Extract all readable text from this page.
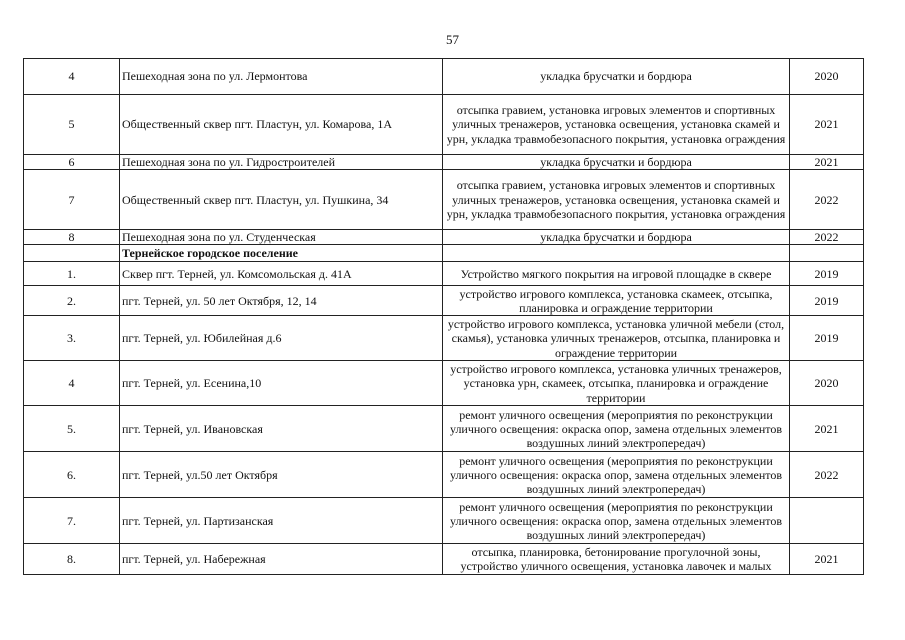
57
4	Пешеходная зона по ул. Лермонтова	укладка брусчатки и бордюра	2020
5	Общественный сквер пгт. Пластун, ул. Комарова, 1А	отсыпка гравием, установка игровых элементов и спортивных уличных тренажеров, установка освещения, установка скамей и урн, укладка травмобезопасного покрытия, установка ограждения	2021
6	Пешеходная зона по ул. Гидростроителей	укладка брусчатки и бордюра	2021
7	Общественный сквер пгт. Пластун, ул. Пушкина, 34	отсыпка гравием, установка игровых элементов и спортивных уличных тренажеров, установка освещения, установка скамей и урн, укладка травмобезопасного покрытия, установка ограждения	2022
8	Пешеходная зона по ул. Студенческая	укладка брусчатки и бордюра	2022
	Тернейское городское поселение		
1.	Сквер пгт. Терней, ул. Комсомольская д. 41А	Устройство мягкого покрытия на игровой площадке в сквере	2019
2.	пгт. Терней, ул. 50 лет Октября, 12, 14	устройство игрового комплекса, установка скамеек, отсыпка, планировка и ограждение территории	2019
3.	пгт. Терней, ул. Юбилейная д.6	устройство игрового комплекса, установка уличной мебели (стол, скамья), установка уличных тренажеров, отсыпка, планировка и ограждение территории	2019
4	пгт. Терней, ул. Есенина,10	устройство игрового комплекса, установка уличных тренажеров, установка урн, скамеек, отсыпка, планировка и ограждение территории	2020
5.	пгт. Терней, ул. Ивановская	ремонт уличного освещения (мероприятия по реконструкции уличного освещения: окраска опор, замена отдельных элементов воздушных линий электропередач)	2021
6.	пгт. Терней, ул.50 лет Октября	ремонт уличного освещения (мероприятия по реконструкции уличного освещения: окраска опор, замена отдельных элементов воздушных линий электропередач)	2022
7.	пгт. Терней, ул. Партизанская	ремонт уличного освещения (мероприятия по реконструкции уличного освещения: окраска опор, замена отдельных элементов воздушных линий электропередач)	
8.	пгт. Терней, ул. Набережная	отсыпка, планировка, бетонирование прогулочной зоны, устройство уличного освещения, установка лавочек и малых	2021
